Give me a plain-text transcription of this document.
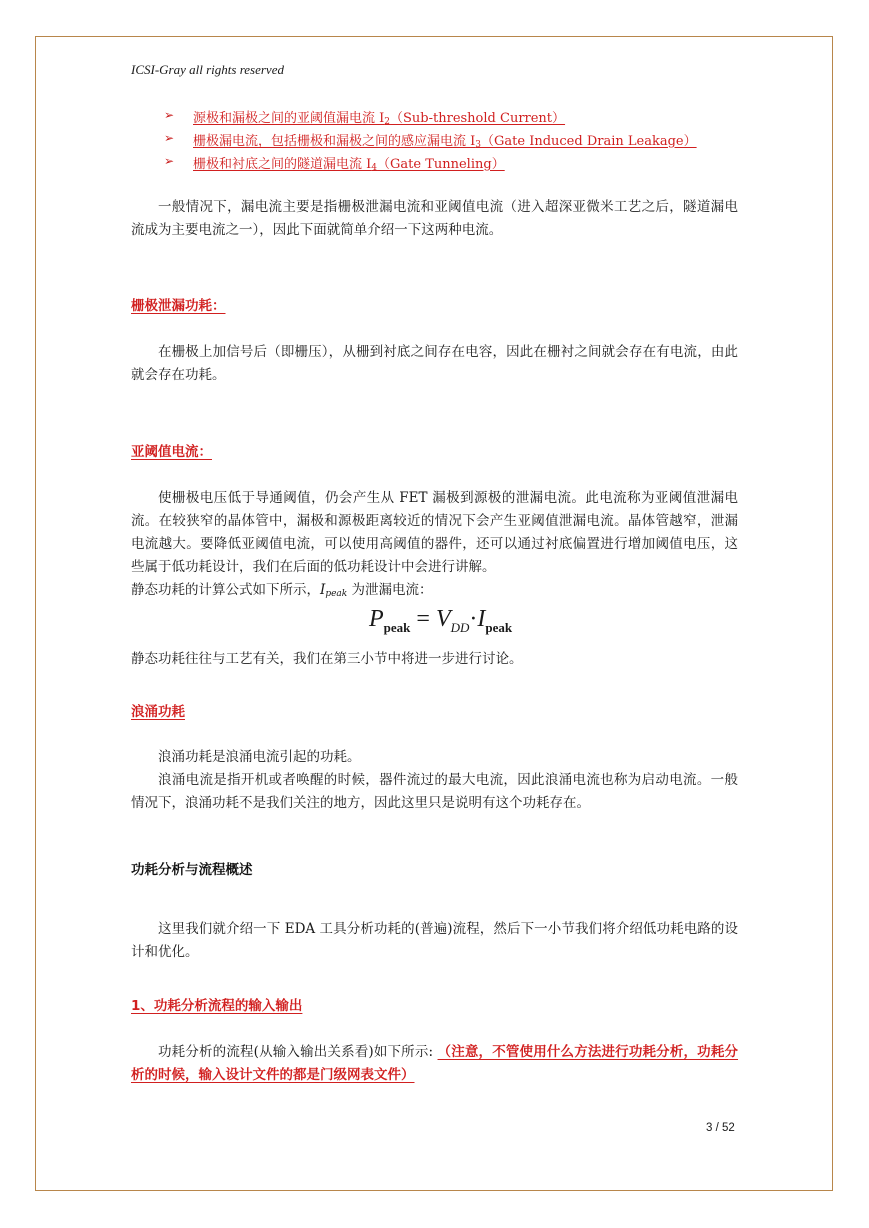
ICSI-Gray all rights reserved
➢ 源极和漏极之间的亚阈值漏电流 $I_2(Sub$-threshold Current）
➢ 栅极漏电流，包括栅极和漏极之间的感应漏电流 $I_3(Gate$ Induced Drain Leakage）
➢ 栅极和衬底之间的隧道漏电流 $I_4(Gate$ Tunneling）
一般情况下，漏电流主要是指栅极泄漏电流和亚阈值电流（进入超深亚微米工艺之后，隧道漏电流成为主要电流之一），因此下面就简单介绍一下这两种电流。
栅极泄漏功耗：
在栅极上加信号后（即栅压），从栅到衬底之间存在电容，因此在栅衬之间就会存在有电流，由此就会存在功耗。
亚阈值电流：
使栅极电压低于导通阈值，仍会产生从 FET 漏极到源极的泄漏电流。此电流称为亚阈值泄漏电流。在较狭窄的晶体管中，漏极和源极距离较近的情况下会产生亚阈值泄漏电流。晶体管越窄，泄漏电流越大。要降低亚阈值电流，可以使用高阈值的器件，还可以通过衬底偏置进行增加阈值电压，这些属于低功耗设计，我们在后面的低功耗设计中会进行讲解。
静态功耗的计算公式如下所示，Ipeak 为泄漏电流：
$P_{peak} = V_{DD}\cdot I_{peak}$
静态功耗往往与工艺有关，我们在第三小节中将进一步进行讨论。
浪涌功耗
浪涌功耗是浪涌电流引起的功耗。
浪涌电流是指开机或者唤醒的时候，器件流过的最大电流，因此浪涌电流也称为启动电流。一般情况下，浪涌功耗不是我们关注的地方，因此这里只是说明有这个功耗存在。
功耗分析与流程概述
这里我们就介绍一下 EDA 工具分析功耗的(普遍)流程，然后下一小节我们将介绍低功耗电路的设计和优化。
1、功耗分析流程的输入输出
功耗分析的流程(从输入输出关系看)如下所示: （注意，不管使用什么方法进行功耗分析，功耗分析的时候，输入设计文件的都是门级网表文件）
3 / 52
